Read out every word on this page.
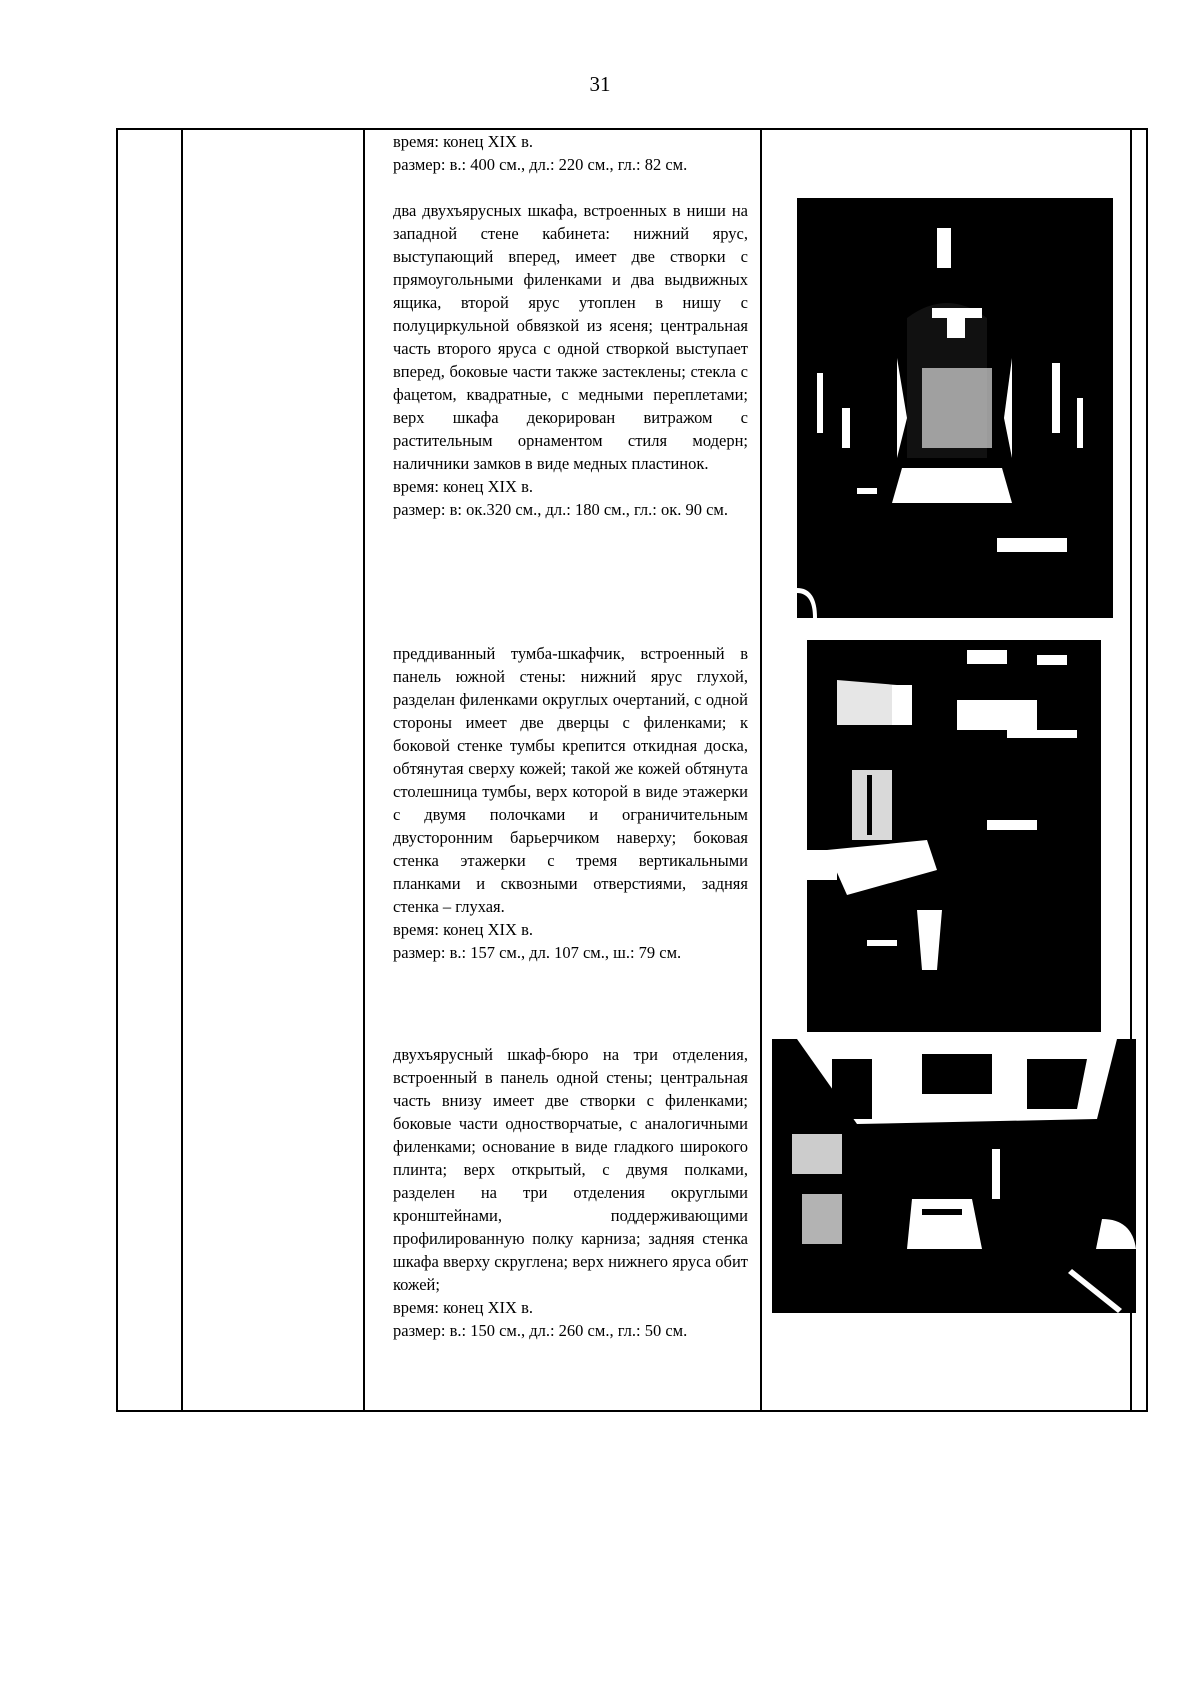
31

время: конец XIX в.

размер: в.: 400 см., дл.: 220 см., гл.: 82 см.

два двухъярусных шкафа, встроенных в ниши на западной стене кабинета: нижний ярус, выступающий вперед, имеет две створки с прямоугольными филенками и два выдвижных ящика, второй ярус утоплен в нишу с полуциркульной обвязкой из ясеня; центральная часть второго яруса с одной створкой выступает вперед, боковые части также застеклены; стекла с фацетом, квадратные, с медными переплетами; верх шкафа декорирован витражом с растительным орнаментом стиля модерн; наличники замков в виде медных пластинок.

время: конец XIX в.

размер: в: ок.320 см., дл.: 180 см., гл.: ок. 90 см.

преддиванный тумба-шкафчик, встроенный в панель южной стены: нижний ярус глухой, разделан филенками округлых очертаний, с одной стороны имеет две дверцы с филенками; к боковой стенке тумбы крепится откидная доска, обтянутая сверху кожей; такой же кожей обтянута столешница тумбы, верх которой в виде этажерки с двумя полочками и ограничительным двусторонним барьерчиком наверху; боковая стенка этажерки с тремя вертикальными планками и сквозными отверстиями, задняя стенка – глухая.

время: конец XIX в.

размер: в.: 157 см., дл. 107 см., ш.: 79 см.

двухъярусный шкаф-бюро на три отделения, встроенный в панель одной стены; центральная часть внизу имеет две створки с филенками; боковые части одностворчатые, с аналогичными филенками; основание в виде гладкого широкого плинта; верх открытый, с двумя полками, разделен на три отделения округлыми кронштейнами, поддерживающими профилированную полку карниза; задняя стенка шкафа вверху скруглена; верх нижнего яруса обит кожей;

время: конец XIX в.

размер: в.: 150 см., дл.: 260 см., гл.: 50 см.
